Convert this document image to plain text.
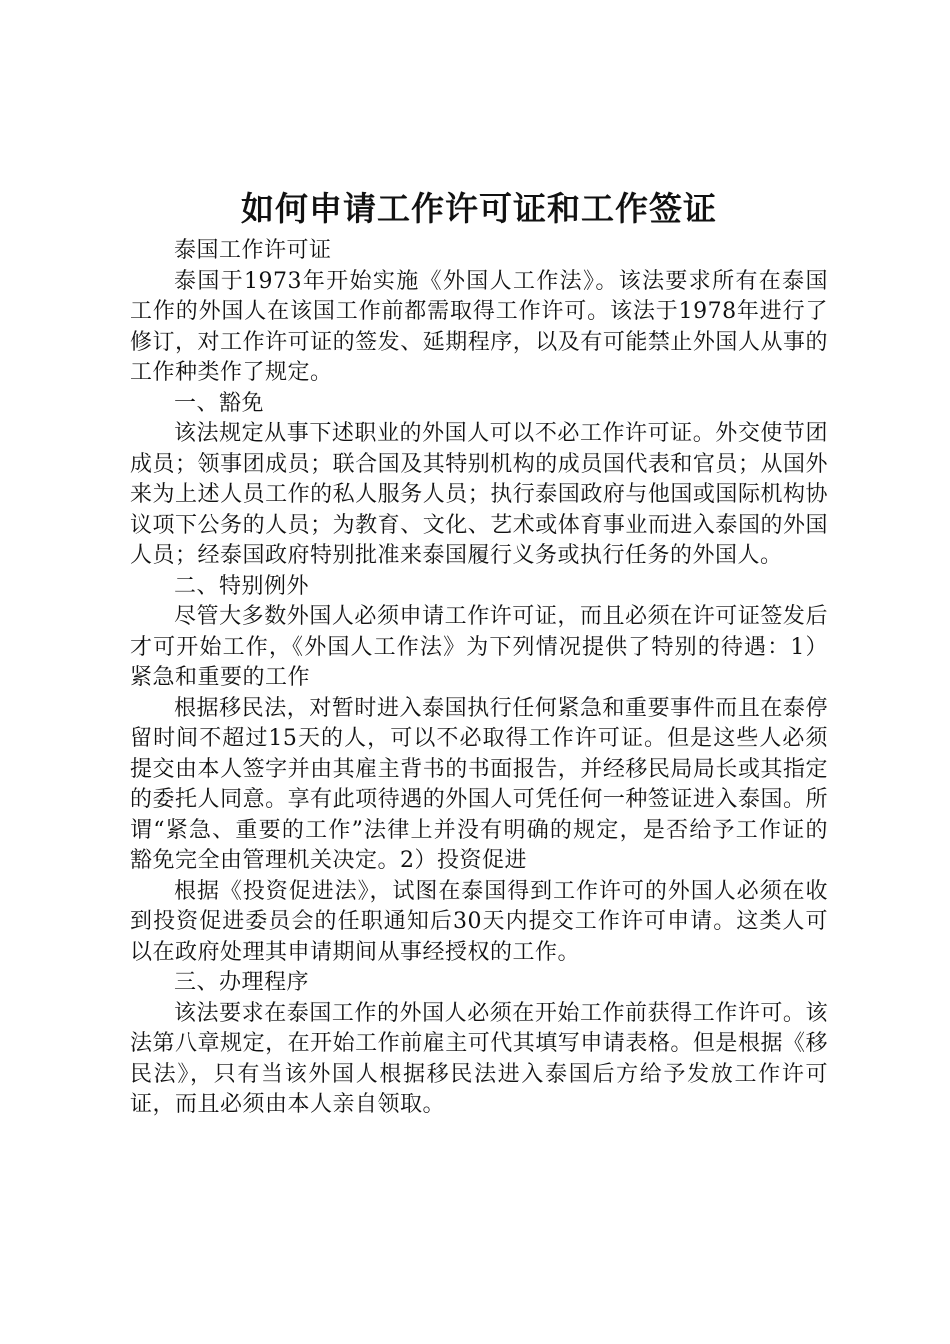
如何申请工作许可证和工作签证

泰国工作许可证

泰国于1973年开始实施《外国人工作法》。该法要求所有在泰国工作的外国人在该国工作前都需取得工作许可。该法于1978年进行了修订，对工作许可证的签发、延期程序，以及有可能禁止外国人从事的工作种类作了规定。

一、豁免

该法规定从事下述职业的外国人可以不必工作许可证。外交使节团成员；领事团成员；联合国及其特别机构的成员国代表和官员；从国外来为上述人员工作的私人服务人员；执行泰国政府与他国或国际机构协议项下公务的人员；为教育、文化、艺术或体育事业而进入泰国的外国人员；经泰国政府特别批准来泰国履行义务或执行任务的外国人。

二、特别例外

尽管大多数外国人必须申请工作许可证，而且必须在许可证签发后才可开始工作，《外国人工作法》为下列情况提供了特别的待遇：1）紧急和重要的工作

根据移民法，对暂时进入泰国执行任何紧急和重要事件而且在泰停留时间不超过15天的人，可以不必取得工作许可证。但是这些人必须提交由本人签字并由其雇主背书的书面报告，并经移民局局长或其指定的委托人同意。享有此项待遇的外国人可凭任何一种签证进入泰国。所谓“紧急、重要的工作”法律上并没有明确的规定，是否给予工作证的豁免完全由管理机关决定。2）投资促进

根据《投资促进法》，试图在泰国得到工作许可的外国人必须在收到投资促进委员会的任职通知后30天内提交工作许可申请。这类人可以在政府处理其申请期间从事经授权的工作。

三、办理程序

该法要求在泰国工作的外国人必须在开始工作前获得工作许可。该法第八章规定，在开始工作前雇主可代其填写申请表格。但是根据《移民法》，只有当该外国人根据移民法进入泰国后方给予发放工作许可证，而且必须由本人亲自领取。
